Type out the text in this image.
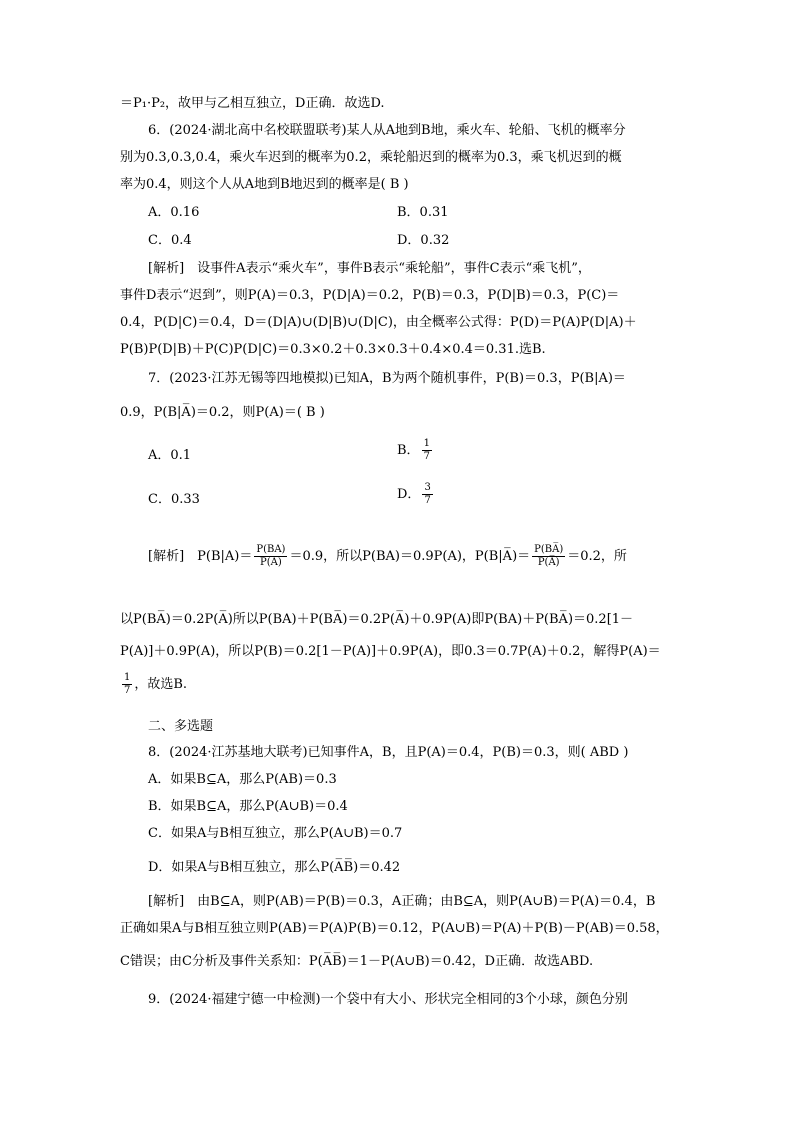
＝P₁·P₂，故甲与乙相互独立，D正确．故选D.
6．(2024·湖北高中名校联盟联考)某人从A地到B地，乘火车、轮船、飞机的概率分
别为0.3,0.3,0.4，乘火车迟到的概率为0.2，乘轮船迟到的概率为0.3，乘飞机迟到的概
率为0.4，则这个人从A地到B地迟到的概率是( B )
A．0.16	B．0.31
C．0.4	D．0.32
[解析]　设事件A表示“乘火车”，事件B表示“乘轮船”，事件C表示“乘飞机”，
事件D表示“迟到”，则P(A)＝0.3，P(D|A)＝0.2，P(B)＝0.3，P(D|B)＝0.3，P(C)＝
0.4，P(D|C)＝0.4，D＝(D|A)∪(D|B)∪(D|C)，由全概率公式得：P(D)＝P(A)P(D|A)＋
P(B)P(D|B)＋P(C)P(D|C)＝0.3×0.2＋0.3×0.3＋0.4×0.4＝0.31.选B.
7．(2023·江苏无锡等四地模拟)已知A，B为两个随机事件，P(B)＝0.3，P(B|A)＝
0.9，P(B|A̅)＝0.2，则P(A)＝( B )
A．0.1	B． $\frac{1}{7}$
C．0.33	D． $\frac{3}{7}$
[解析]　$P(B|A)= \frac{P(BA)}{P(A)} =0.9$，所以P(BA)＝0.9P(A)，P(B|A̅)＝ $\frac{P(BA̅)}{P(A̅)} =0.2$，所
以P(BA̅)＝0.2P(A̅)所以P(BA)＋P(BA̅)＝0.2P(A̅)＋0.9P(A)即P(BA)＋P(BA̅)＝0.2[1－
P(A)]＋0.9P(A)，所以P(B)＝0.2[1－P(A)]＋0.9P(A)，即0.3＝0.7P(A)＋0.2，解得P(A)＝
$\frac{1}{7}$ ，故选B.
二、多选题
8．(2024·江苏基地大联考)已知事件A，B，且P(A)＝0.4，P(B)＝0.3，则( ABD )
A．如果B⊆A，那么P(AB)＝0.3
B．如果B⊆A，那么P(A∪B)＝0.4
C．如果A与B相互独立，那么P(A∪B)＝0.7
D．如果A与B相互独立，那么P(A̅B̅)＝0.42
[解析]　由B⊆A，则P(AB)＝P(B)＝0.3，A正确；由B⊆A，则P(A∪B)＝P(A)＝0.4，B
正确如果A与B相互独立则P(AB)＝P(A)P(B)＝0.12，P(A∪B)＝P(A)＋P(B)－P(AB)＝0.58，
C错误；由C分析及事件关系知：P(A̅B̅)＝1－P(A∪B)＝0.42，D正确．故选ABD.
9．(2024·福建宁德一中检测)一个袋中有大小、形状完全相同的3个小球，颜色分别
